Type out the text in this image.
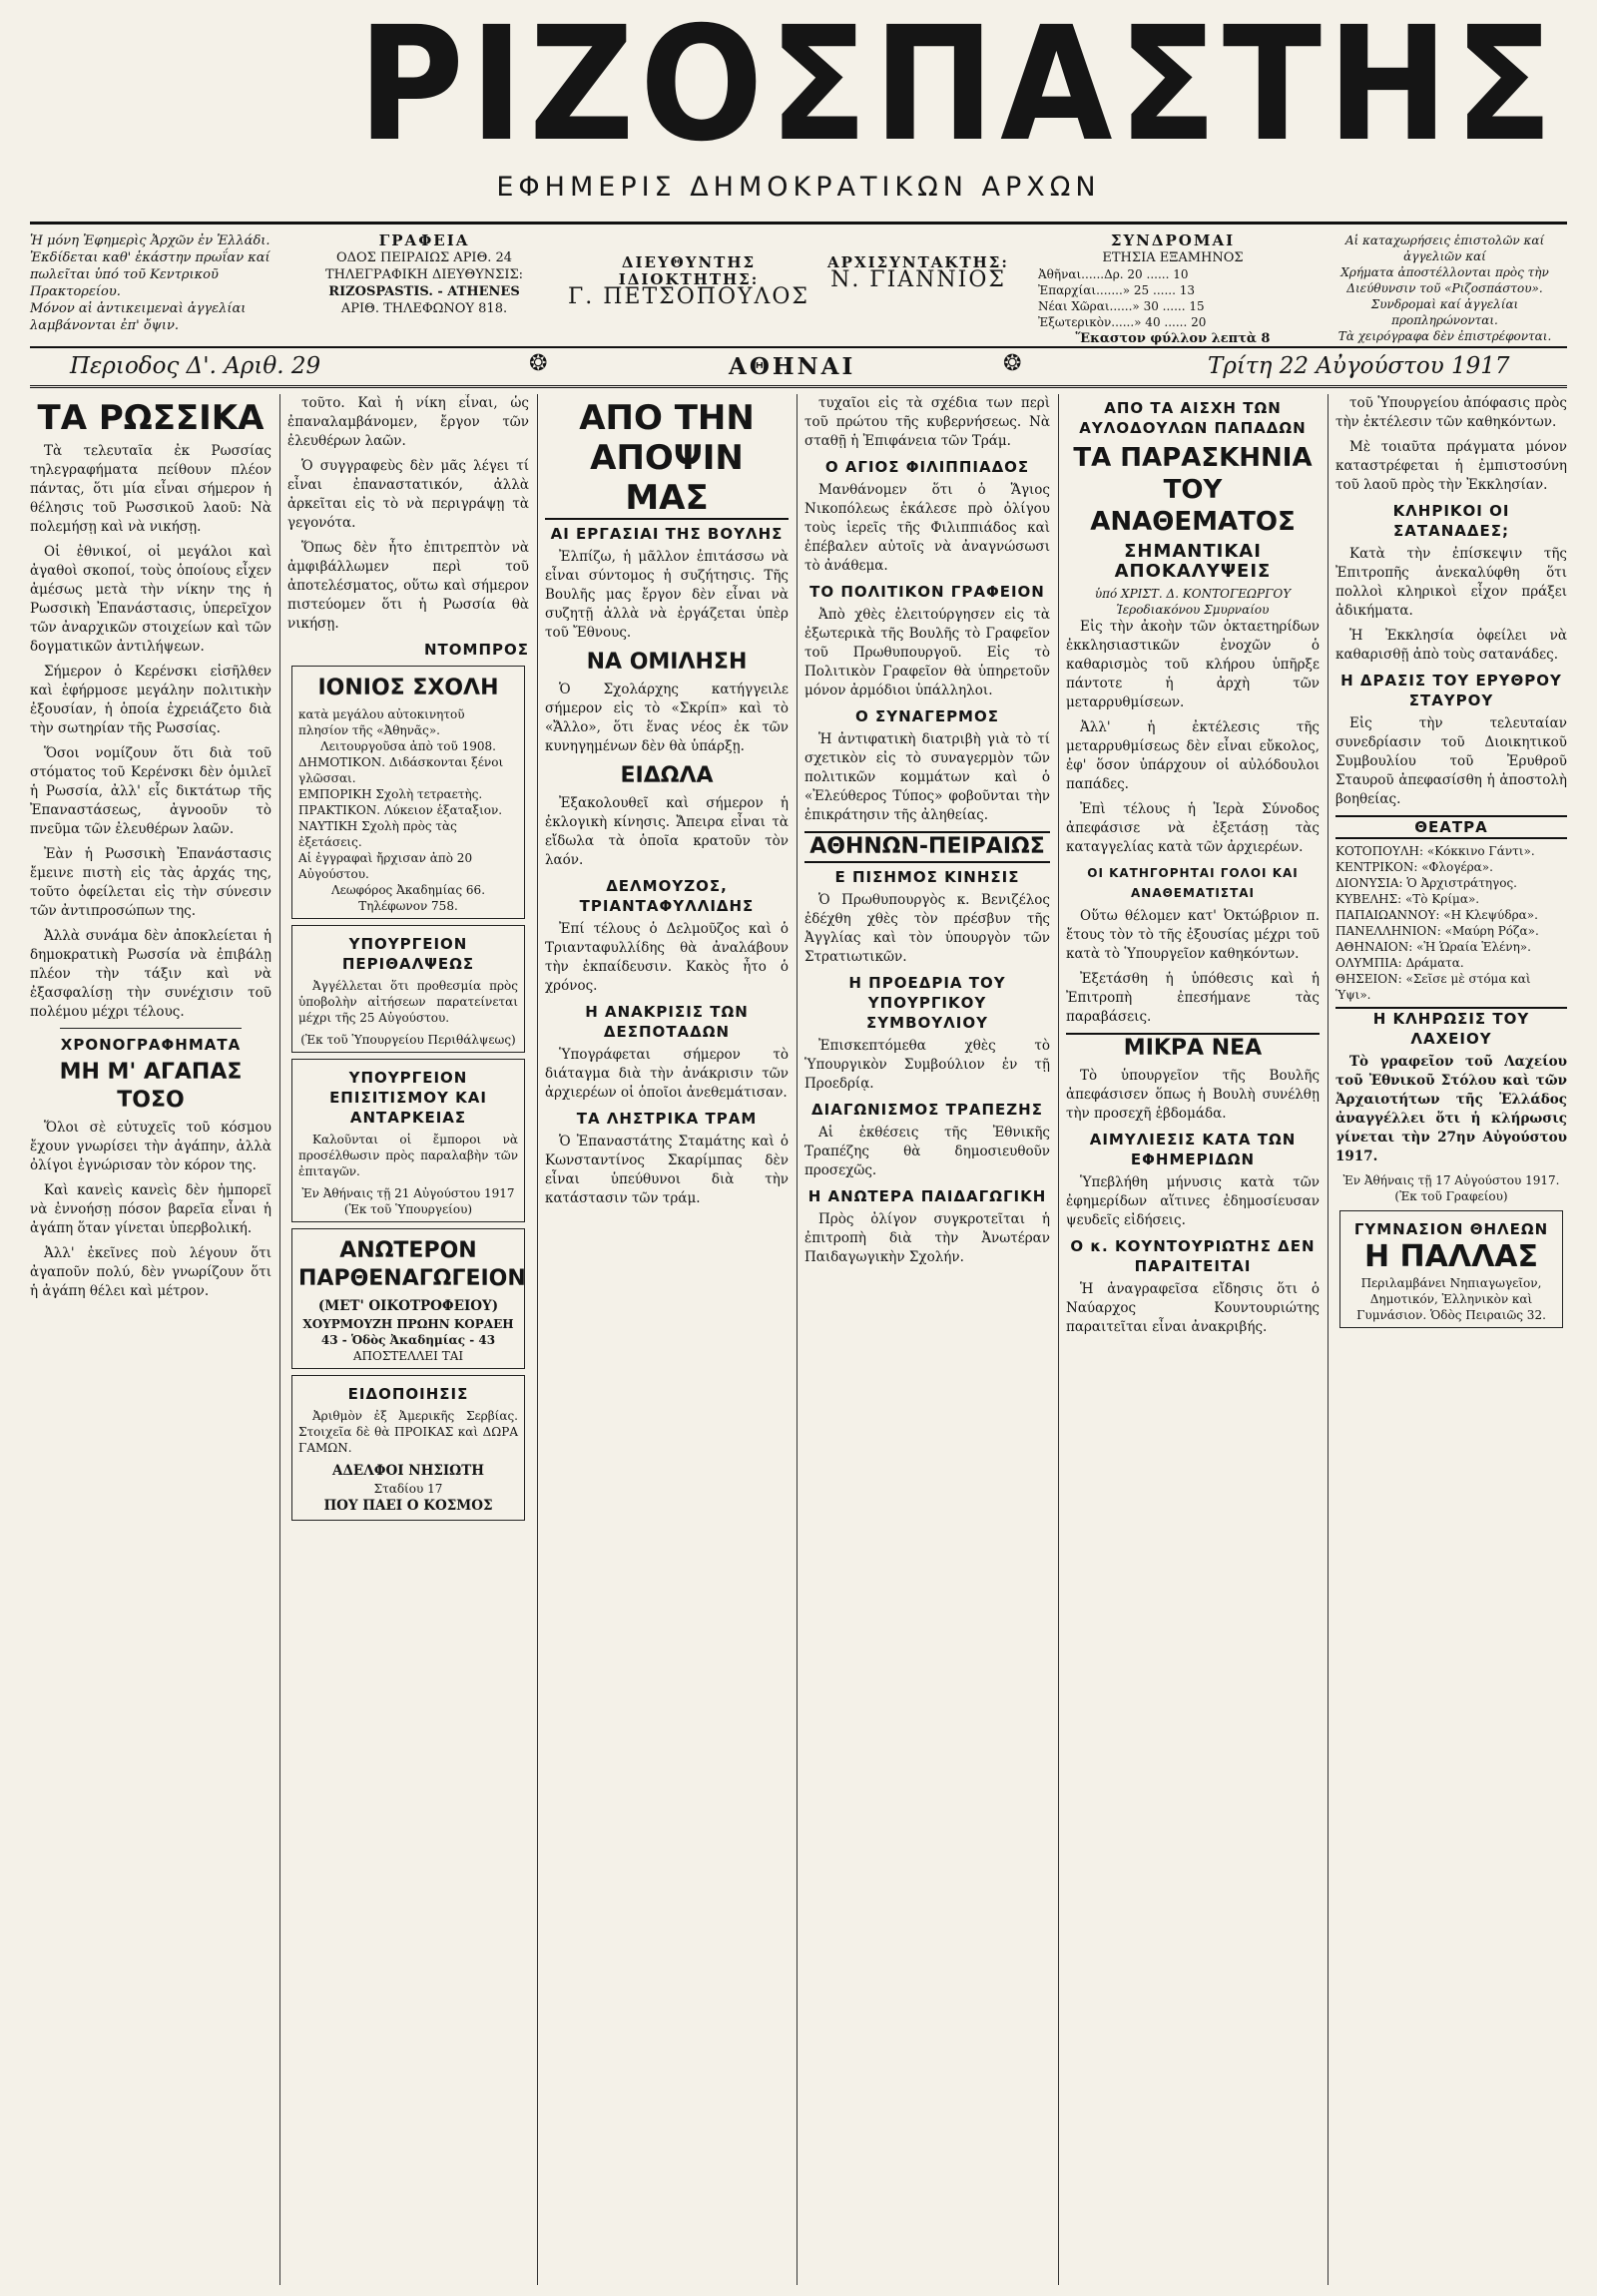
ΡΙΖΟΣΠΑΣΤΗΣ
ΕΦΗΜΕΡΙΣ ΔΗΜΟΚΡΑΤΙΚΩΝ ΑΡΧΩΝ
Ἡ μόνη Ἐφημερὶς Ἀρχῶν ἐν Ἑλλάδι.
Ἐκδίδεται καθ' ἑκάστην πρωΐαν καί πωλεῖται ὑπό τοῦ Κεντρικοῦ Πρακτορείου.
Μόνον αἱ ἀντικειμεναὶ ἀγγελίαι λαμβάνονται ἐπ' ὄψιν.
ΓΡΑΦΕΙΑ
ΟΔΟΣ ΠΕΙΡΑΙΩΣ ΑΡΙΘ. 24
ΤΗΛΕΓΡΑΦΙΚΗ ΔΙΕΥΘΥΝΣΙΣ:
RIZOSPASTIS. - ATHENES
ΑΡΙΘ. ΤΗΛΕΦΩΝΟΥ 818.
ΔΙΕΥΘΥΝΤΗΣ ΙΔΙΟΚΤΗΤΗΣ:
Γ. ΠΕΤΣΟΠΟΥΛΟΣ
ΑΡΧΙΣΥΝΤΑΚΤΗΣ:
Ν. ΓΙΑΝΝΙΟΣ
ΣΥΝΔΡΟΜΑΙ
ΕΤΗΣΙΑ ΕΞΑΜΗΝΟΣ
Ἀθῆναι......Δρ. 20 ...... 10
Ἐπαρχίαι.......» 25 ...... 13
Νέαι Χῶραι......» 30 ...... 15
Ἐξωτερικὸν......» 40 ...... 20
Ἕκαστον φύλλον λεπτὰ 8
Αἱ καταχωρήσεις ἐπιστολῶν καί ἀγγελιῶν καί
Χρήματα ἀποστέλλονται πρὸς τὴν Διεύθυνσιν τοῦ «Ριζοσπάστου».
Συνδρομαὶ καί ἀγγελίαι προπληρώνονται.
Τὰ χειρόγραφα δὲν ἐπιστρέφονται.
Περιοδος Δ'. Αριθ. 29	ΑΘΗΝΑΙ	Τρίτη 22 Αὐγούστου 1917
❂	❂
ΤΑ ΡΩΣΣΙΚΑ

Τὰ τελευταῖα ἐκ Ρωσσίας τηλεγραφήματα πείθουν πλέον πάντας, ὅτι μία εἶναι σήμερον ἡ θέλησις τοῦ Ρωσσικοῦ λαοῦ: Νὰ πολεμήσῃ καὶ νὰ νικήσῃ.

Οἱ ἐθνικοί, οἱ μεγάλοι καὶ ἀγαθοὶ σκοποί, τοὺς ὁποίους εἶχεν ἀμέσως μετὰ τὴν νίκην της ἡ Ρωσσικὴ Ἐπανάστασις, ὑπερεῖχον τῶν ἀναρχικῶν στοιχείων καὶ τῶν δογματικῶν ἀντιλήψεων.

Σήμερον ὁ Κερένσκι εἰσῆλθεν καὶ ἐφήρμοσε μεγάλην πολιτικὴν ἐξουσίαν, ἡ ὁποία ἐχρειάζετο διὰ τὴν σωτηρίαν τῆς Ρωσσίας.

Ὅσοι νομίζουν ὅτι διὰ τοῦ στόματος τοῦ Κερένσκι δὲν ὁμιλεῖ ἡ Ρωσσία, ἀλλ' εἷς δικτάτωρ τῆς Ἐπαναστάσεως, ἀγνοοῦν τὸ πνεῦμα τῶν ἐλευθέρων λαῶν.

Ἐὰν ἡ Ρωσσικὴ Ἐπανάστασις ἔμεινε πιστὴ εἰς τὰς ἀρχάς της, τοῦτο ὀφείλεται εἰς τὴν σύνεσιν τῶν ἀντιπροσώπων της.

Ἀλλὰ συνάμα δὲν ἀποκλείεται ἡ δημοκρατικὴ Ρωσσία νὰ ἐπιβάλῃ πλέον τὴν τάξιν καὶ νὰ ἐξασφαλίσῃ τὴν συνέχισιν τοῦ πολέμου μέχρι τέλους.

ΧΡΟΝΟΓΡΑΦΗΜΑΤΑ
ΜΗ Μ' ΑΓΑΠΑΣ ΤΟΣΟ

Ὅλοι σὲ εὐτυχεῖς τοῦ κόσμου ἔχουν γνωρίσει τὴν ἀγάπην, ἀλλὰ ὀλίγοι ἐγνώρισαν τὸν κόρον της.

Καὶ κανεὶς κανεὶς δὲν ἠμπορεῖ νὰ ἐννοήσῃ πόσον βαρεῖα εἶναι ἡ ἀγάπη ὅταν γίνεται ὑπερβολική.

Ἀλλ' ἐκεῖνες ποὺ λέγουν ὅτι ἀγαποῦν πολύ, δὲν γνωρίζουν ὅτι ἡ ἀγάπη θέλει καὶ μέτρον.

τοῦτο. Καὶ ἡ νίκη εἶναι, ὡς ἐπαναλαμβάνομεν, ἔργον τῶν ἐλευθέρων λαῶν.

Ὁ συγγραφεὺς δὲν μᾶς λέγει τί εἶναι ἐπαναστατικόν, ἀλλὰ ἀρκεῖται εἰς τὸ νὰ περιγράψῃ τὰ γεγονότα.

Ὅπως δὲν ἦτο ἐπιτρεπτὸν νὰ ἀμφιβάλλωμεν περὶ τοῦ ἀποτελέσματος, οὕτω καὶ σήμερον πιστεύομεν ὅτι ἡ Ρωσσία θὰ νικήσῃ.

ΝΤΟΜΠΡΟΣ
ΙΟΝΙΟΣ ΣΧΟΛΗ
κατὰ μεγάλου αὐτοκινητοῦ πλησίον τῆς «Ἀθηνᾶς».
Λειτουργοῦσα ἀπὸ τοῦ 1908.
ΔΗΜΟΤΙΚΟΝ. Διδάσκονται ξένοι γλῶσσαι.
ΕΜΠΟΡΙΚΗ Σχολὴ τετραετὴς.
ΠΡΑΚΤΙΚΟΝ. Λύκειον ἑξαταξιον.
ΝΑΥΤΙΚΗ Σχολὴ πρὸς τὰς ἐξετάσεις.
Αἱ ἐγγραφαὶ ἤρχισαν ἀπὸ 20 Αὐγούστου.
Λεωφόρος Ἀκαδημίας 66. Τηλέφωνον 758.
ΥΠΟΥΡΓΕΙΟΝ ΠΕΡΙΘΑΛΨΕΩΣ

Ἀγγέλλεται ὅτι προθεσμία πρὸς ὑποβολὴν αἰτήσεων παρατείνεται μέχρι τῆς 25 Αὐγούστου.

(Ἐκ τοῦ Ὑπουργείου Περιθάλψεως)
ΥΠΟΥΡΓΕΙΟΝ ΕΠΙΣΙΤΙΣΜΟΥ ΚΑΙ ΑΝΤΑΡΚΕΙΑΣ

Καλοῦνται οἱ ἔμποροι νὰ προσέλθωσιν πρὸς παραλαβὴν τῶν ἐπιταγῶν.

Ἐν Ἀθήναις τῇ 21 Αὐγούστου 1917
(Ἐκ τοῦ Ὑπουργείου)
ΑΝΩΤΕΡΟΝ ΠΑΡΘΕΝΑΓΩΓΕΙΟΝ
(ΜΕΤ' ΟΙΚΟΤΡΟΦΕΙΟΥ)
ΧΟΥΡΜΟΥΖΗ ΠΡΩΗΝ ΚΟΡΑΕΗ 43 - Ὁδὸς Ἀκαδημίας - 43
ΑΠΟΣΤΕΛΛΕΙ ΤΑΙ
ΕΙΔΟΠΟΙΗΣΙΣ

Ἀριθμὸν ἐξ Ἀμερικῆς Σερβίας. Στοιχεῖα δὲ θὰ ΠΡΟΙΚΑΣ καὶ ΔΩΡΑ ΓΑΜΩΝ.

ΑΔΕΛΦΟΙ ΝΗΣΙΩΤΗ
Σταδίου 17
ΠΟΥ ΠΑΕΙ Ο ΚΟΣΜΟΣ
ΑΠΟ ΤΗΝ ΑΠΟΨΙΝ ΜΑΣ
ΑΙ ΕΡΓΑΣΙΑΙ ΤΗΣ ΒΟΥΛΗΣ

Ἐλπίζω, ἡ μᾶλλον ἐπιτάσσω νὰ εἶναι σύντομος ἡ συζήτησις. Τῆς Βουλῆς μας ἔργον δὲν εἶναι νὰ συζητῇ ἀλλὰ νὰ ἐργάζεται ὑπὲρ τοῦ Ἔθνους.

ΝΑ ΟΜΙΛΗΣΗ

Ὁ Σχολάρχης κατήγγειλε σήμερον εἰς τὸ «Σκρίπ» καὶ τὸ «Ἄλλο», ὅτι ἕνας νέος ἐκ τῶν κυνηγημένων δὲν θὰ ὑπάρξῃ.

ΕΙΔΩΛΑ

Ἐξακολουθεῖ καὶ σήμερον ἡ ἐκλογικὴ κίνησις. Ἄπειρα εἶναι τὰ εἴδωλα τὰ ὁποῖα κρατοῦν τὸν λαόν.

ΔΕΛΜΟΥΖΟΣ, ΤΡΙΑΝΤΑΦΥΛΛΙΔΗΣ

Ἐπί τέλους ὁ Δελμοῦζος καὶ ὁ Τριανταφυλλίδης θὰ ἀναλάβουν τὴν ἐκπαίδευσιν. Κακὸς ἦτο ὁ χρόνος.

Η ΑΝΑΚΡΙΣΙΣ ΤΩΝ ΔΕΣΠΟΤΑΔΩΝ

Ὑπογράφεται σήμερον τὸ διάταγμα διὰ τὴν ἀνάκρισιν τῶν ἀρχιερέων οἱ ὁποῖοι ἀνεθεμάτισαν.

ΤΑ ΛΗΣΤΡΙΚΑ ΤΡΑΜ

Ὁ Ἐπαναστάτης Σταμάτης καὶ ὁ Κωνσταντίνος Σκαρίμπας δὲν εἶναι ὑπεύθυνοι διὰ τὴν κατάστασιν τῶν τράμ.

τυχαῖοι εἰς τὰ σχέδια των περὶ τοῦ πρώτου τῆς κυβερνήσεως. Νὰ σταθῇ ἡ Ἐπιφάνεια τῶν Τράμ.

Ο ΑΓΙΟΣ ΦΙΛΙΠΠΙΑΔΟΣ

Μανθάνομεν ὅτι ὁ Ἅγιος Νικοπόλεως ἐκάλεσε πρὸ ὀλίγου τοὺς ἱερεῖς τῆς Φιλιππιάδος καὶ ἐπέβαλεν αὐτοῖς νὰ ἀναγνώσωσι τὸ ἀνάθεμα.

ΤΟ ΠΟΛΙΤΙΚΟΝ ΓΡΑΦΕΙΟΝ

Ἀπὸ χθὲς ἐλειτούργησεν εἰς τὰ ἐξωτερικὰ τῆς Βουλῆς τὸ Γραφεῖον τοῦ Πρωθυπουργοῦ. Εἰς τὸ Πολιτικὸν Γραφεῖον θὰ ὑπηρετοῦν μόνον ἀρμόδιοι ὑπάλληλοι.

Ο ΣΥΝΑΓΕΡΜΟΣ

Ἡ ἀντιφατικὴ διατριβὴ γιὰ τὸ τί σχετικὸν εἰς τὸ συναγερμὸν τῶν πολιτικῶν κομμάτων καὶ ὁ «Ἐλεύθερος Τύπος» φοβοῦνται τὴν ἐπικράτησιν τῆς ἀληθείας.

ΑΘΗΝΩΝ-ΠΕΙΡΑΙΩΣ
Ε ΠΙΣΗΜΟΣ ΚΙΝΗΣΙΣ

Ὁ Πρωθυπουργὸς κ. Βενιζέλος ἐδέχθη χθὲς τὸν πρέσβυν τῆς Ἀγγλίας καὶ τὸν ὑπουργὸν τῶν Στρατιωτικῶν.

Η ΠΡΟΕΔΡΙΑ ΤΟΥ ΥΠΟΥΡΓΙΚΟΥ ΣΥΜΒΟΥΛΙΟΥ

Ἐπισκεπτόμεθα χθὲς τὸ Ὑπουργικὸν Συμβούλιον ἐν τῇ Προεδρίᾳ.

ΔΙΑΓΩΝΙΣΜΟΣ ΤΡΑΠΕΖΗΣ

Αἱ ἐκθέσεις τῆς Ἐθνικῆς Τραπέζης θὰ δημοσιευθοῦν προσεχῶς.

Η ΑΝΩΤΕΡΑ ΠΑΙΔΑΓΩΓΙΚΗ

Πρὸς ὀλίγον συγκροτεῖται ἡ ἐπιτροπὴ διὰ τὴν Ἀνωτέραν Παιδαγωγικὴν Σχολήν.

ΑΠΟ ΤΑ ΑΙΣΧΗ ΤΩΝ ΑΥΛΟΔΟΥΛΩΝ ΠΑΠΑΔΩΝ
ΤΑ ΠΑΡΑΣΚΗΝΙΑ ΤΟΥ ΑΝΑΘΕΜΑΤΟΣ
ΣΗΜΑΝΤΙΚΑΙ ΑΠΟΚΑΛΥΨΕΙΣ
ὑπό ΧΡΙΣΤ. Δ. ΚΟΝΤΟΓΕΩΡΓΟΥ Ἱεροδιακόνου Σμυρναίου

Εἰς τὴν ἀκοὴν τῶν ὀκταετηρίδων ἐκκλησιαστικῶν ἐνοχῶν ὁ καθαρισμὸς τοῦ κλήρου ὑπῆρξε πάντοτε ἡ ἀρχὴ τῶν μεταρρυθμίσεων.

Ἀλλ' ἡ ἐκτέλεσις τῆς μεταρρυθμίσεως δὲν εἶναι εὔκολος, ἐφ' ὅσον ὑπάρχουν οἱ αὐλόδουλοι παπάδες.

Ἐπὶ τέλους ἡ Ἱερὰ Σύνοδος ἀπεφάσισε νὰ ἐξετάσῃ τὰς καταγγελίας κατὰ τῶν ἀρχιερέων.

ΟΙ ΚΑΤΗΓΟΡΗΤΑΙ ΓΟΛΟΙ ΚΑΙ ΑΝΑΘΕΜΑΤΙΣΤΑΙ

Οὕτω θέλομεν κατ' Ὀκτώβριον π. ἔτους τὸν τὸ τῆς ἐξουσίας μέχρι τοῦ κατὰ τὸ Ὑπουργεῖον καθηκόντων.

Ἐξετάσθη ἡ ὑπόθεσις καὶ ἡ Ἐπιτροπὴ ἐπεσήμανε τὰς παραβάσεις.

ΜΙΚΡΑ ΝΕΑ

Τὸ ὑπουργεῖον τῆς Βουλῆς ἀπεφάσισεν ὅπως ἡ Βουλὴ συνέλθῃ τὴν προσεχῆ ἑβδομάδα.

ΑΙΜΥΛΙΕΣΙΣ ΚΑΤΑ ΤΩΝ ΕΦΗΜΕΡΙΔΩΝ

Ὑπεβλήθη μήνυσις κατὰ τῶν ἐφημερίδων αἵτινες ἐδημοσίευσαν ψευδεῖς εἰδήσεις.

Ο κ. ΚΟΥΝΤΟΥΡΙΩΤΗΣ ΔΕΝ ΠΑΡΑΙΤΕΙΤΑΙ

Ἡ ἀναγραφεῖσα εἴδησις ὅτι ὁ Ναύαρχος Κουντουριώτης παραιτεῖται εἶναι ἀνακριβής.

τοῦ Ὑπουργείου ἀπόφασις πρὸς τὴν ἐκτέλεσιν τῶν καθηκόντων.

Μὲ τοιαῦτα πράγματα μόνον καταστρέφεται ἡ ἐμπιστοσύνη τοῦ λαοῦ πρὸς τὴν Ἐκκλησίαν.

ΚΛΗΡΙΚΟΙ ΟΙ ΣΑΤΑΝΑΔΕΣ;

Κατὰ τὴν ἐπίσκεψιν τῆς Ἐπιτροπῆς ἀνεκαλύφθη ὅτι πολλοὶ κληρικοὶ εἶχον πράξει ἀδικήματα.

Ἡ Ἐκκλησία ὀφείλει νὰ καθαρισθῇ ἀπὸ τοὺς σατανάδες.

Η ΔΡΑΣΙΣ ΤΟΥ ΕΡΥΘΡΟΥ ΣΤΑΥΡΟΥ

Εἰς τὴν τελευταίαν συνεδρίασιν τοῦ Διοικητικοῦ Συμβουλίου τοῦ Ἐρυθροῦ Σταυροῦ ἀπεφασίσθη ἡ ἀποστολὴ βοηθείας.

ΘΕΑΤΡΑ
ΚΟΤΟΠΟΥΛΗ: «Κόκκινο Γάντι».
ΚΕΝΤΡΙΚΟΝ: «Φλογέρα».
ΔΙΟΝΥΣΙΑ: Ὁ Ἀρχιστράτηγος.
ΚΥΒΕΛΗΣ: «Τὸ Κρίμα».
ΠΑΠΑΙΩΑΝΝΟΥ: «Η Κλεψύδρα».
ΠΑΝΕΛΛΗΝΙΟΝ: «Μαύρη Ρόζα».
ΑΘΗΝΑΙΟΝ: «Ἡ Ὡραία Ἑλένη».
ΟΛΥΜΠΙΑ: Δράματα.
ΘΗΣΕΙΟΝ: «Σεῖσε μὲ στόμα καὶ Ὑψι».
Η ΚΛΗΡΩΣΙΣ ΤΟΥ ΛΑΧΕΙΟΥ

Τὸ γραφεῖον τοῦ Λαχείου τοῦ Ἐθνικοῦ Στόλου καὶ τῶν Ἀρχαιοτήτων τῆς Ἑλλάδος ἀναγγέλλει ὅτι ἡ κλήρωσις γίνεται τὴν 27ην Αὐγούστου 1917.

Ἐν Ἀθήναις τῇ 17 Αὐγούστου 1917.
(Ἐκ τοῦ Γραφείου)
ΓΥΜΝΑΣΙΟΝ ΘΗΛΕΩΝ
Η ΠΑΛΛΑΣ
Περιλαμβάνει Νηπιαγωγεῖον, Δημοτικόν, Ἑλληνικὸν καὶ Γυμνάσιον. Ὁδὸς Πειραιῶς 32.
